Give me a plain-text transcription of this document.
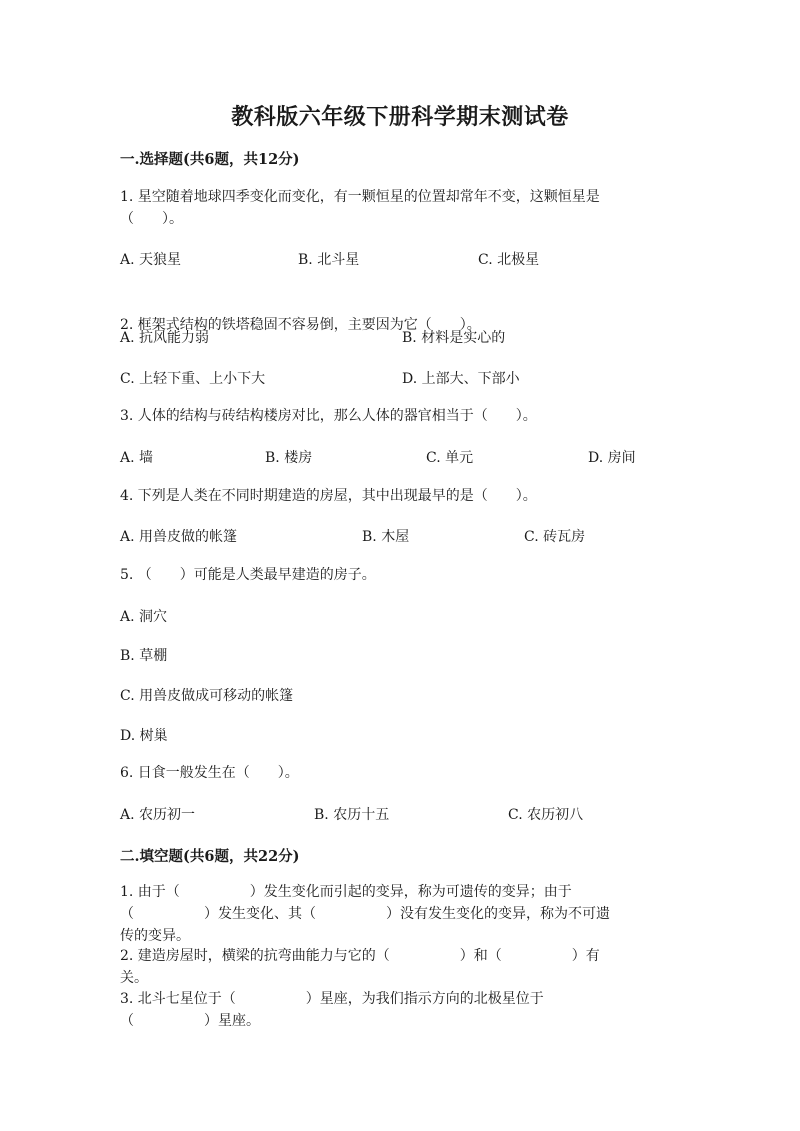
教科版六年级下册科学期末测试卷
一.选择题(共6题，共12分)
1. 星空随着地球四季变化而变化，有一颗恒星的位置却常年不变，这颗恒星是
（　　）。
A. 天狼星	B. 北斗星	C. 北极星
2. 框架式结构的铁塔稳固不容易倒，主要因为它（　　）。
A. 抗风能力弱	B. 材料是实心的
C. 上轻下重、上小下大	D. 上部大、下部小
3. 人体的结构与砖结构楼房对比，那么人体的器官相当于（　　）。
A. 墙	B. 楼房	C. 单元	D. 房间
4. 下列是人类在不同时期建造的房屋，其中出现最早的是（　　）。
A. 用兽皮做的帐篷	B. 木屋	C. 砖瓦房
5. （　　）可能是人类最早建造的房子。
A. 洞穴
B. 草棚
C. 用兽皮做成可移动的帐篷
D. 树巢
6. 日食一般发生在（　　）。
A. 农历初一	B. 农历十五	C. 农历初八
二.填空题(共6题，共22分)
1. 由于（　　　　　）发生变化而引起的变异，称为可遗传的变异；由于
（　　　　　）发生变化、其（　　　　　）没有发生变化的变异，称为不可遗
传的变异。
2. 建造房屋时，横梁的抗弯曲能力与它的（　　　　　）和（　　　　　）有
关。
3. 北斗七星位于（　　　　　）星座，为我们指示方向的北极星位于
（　　　　　）星座。
